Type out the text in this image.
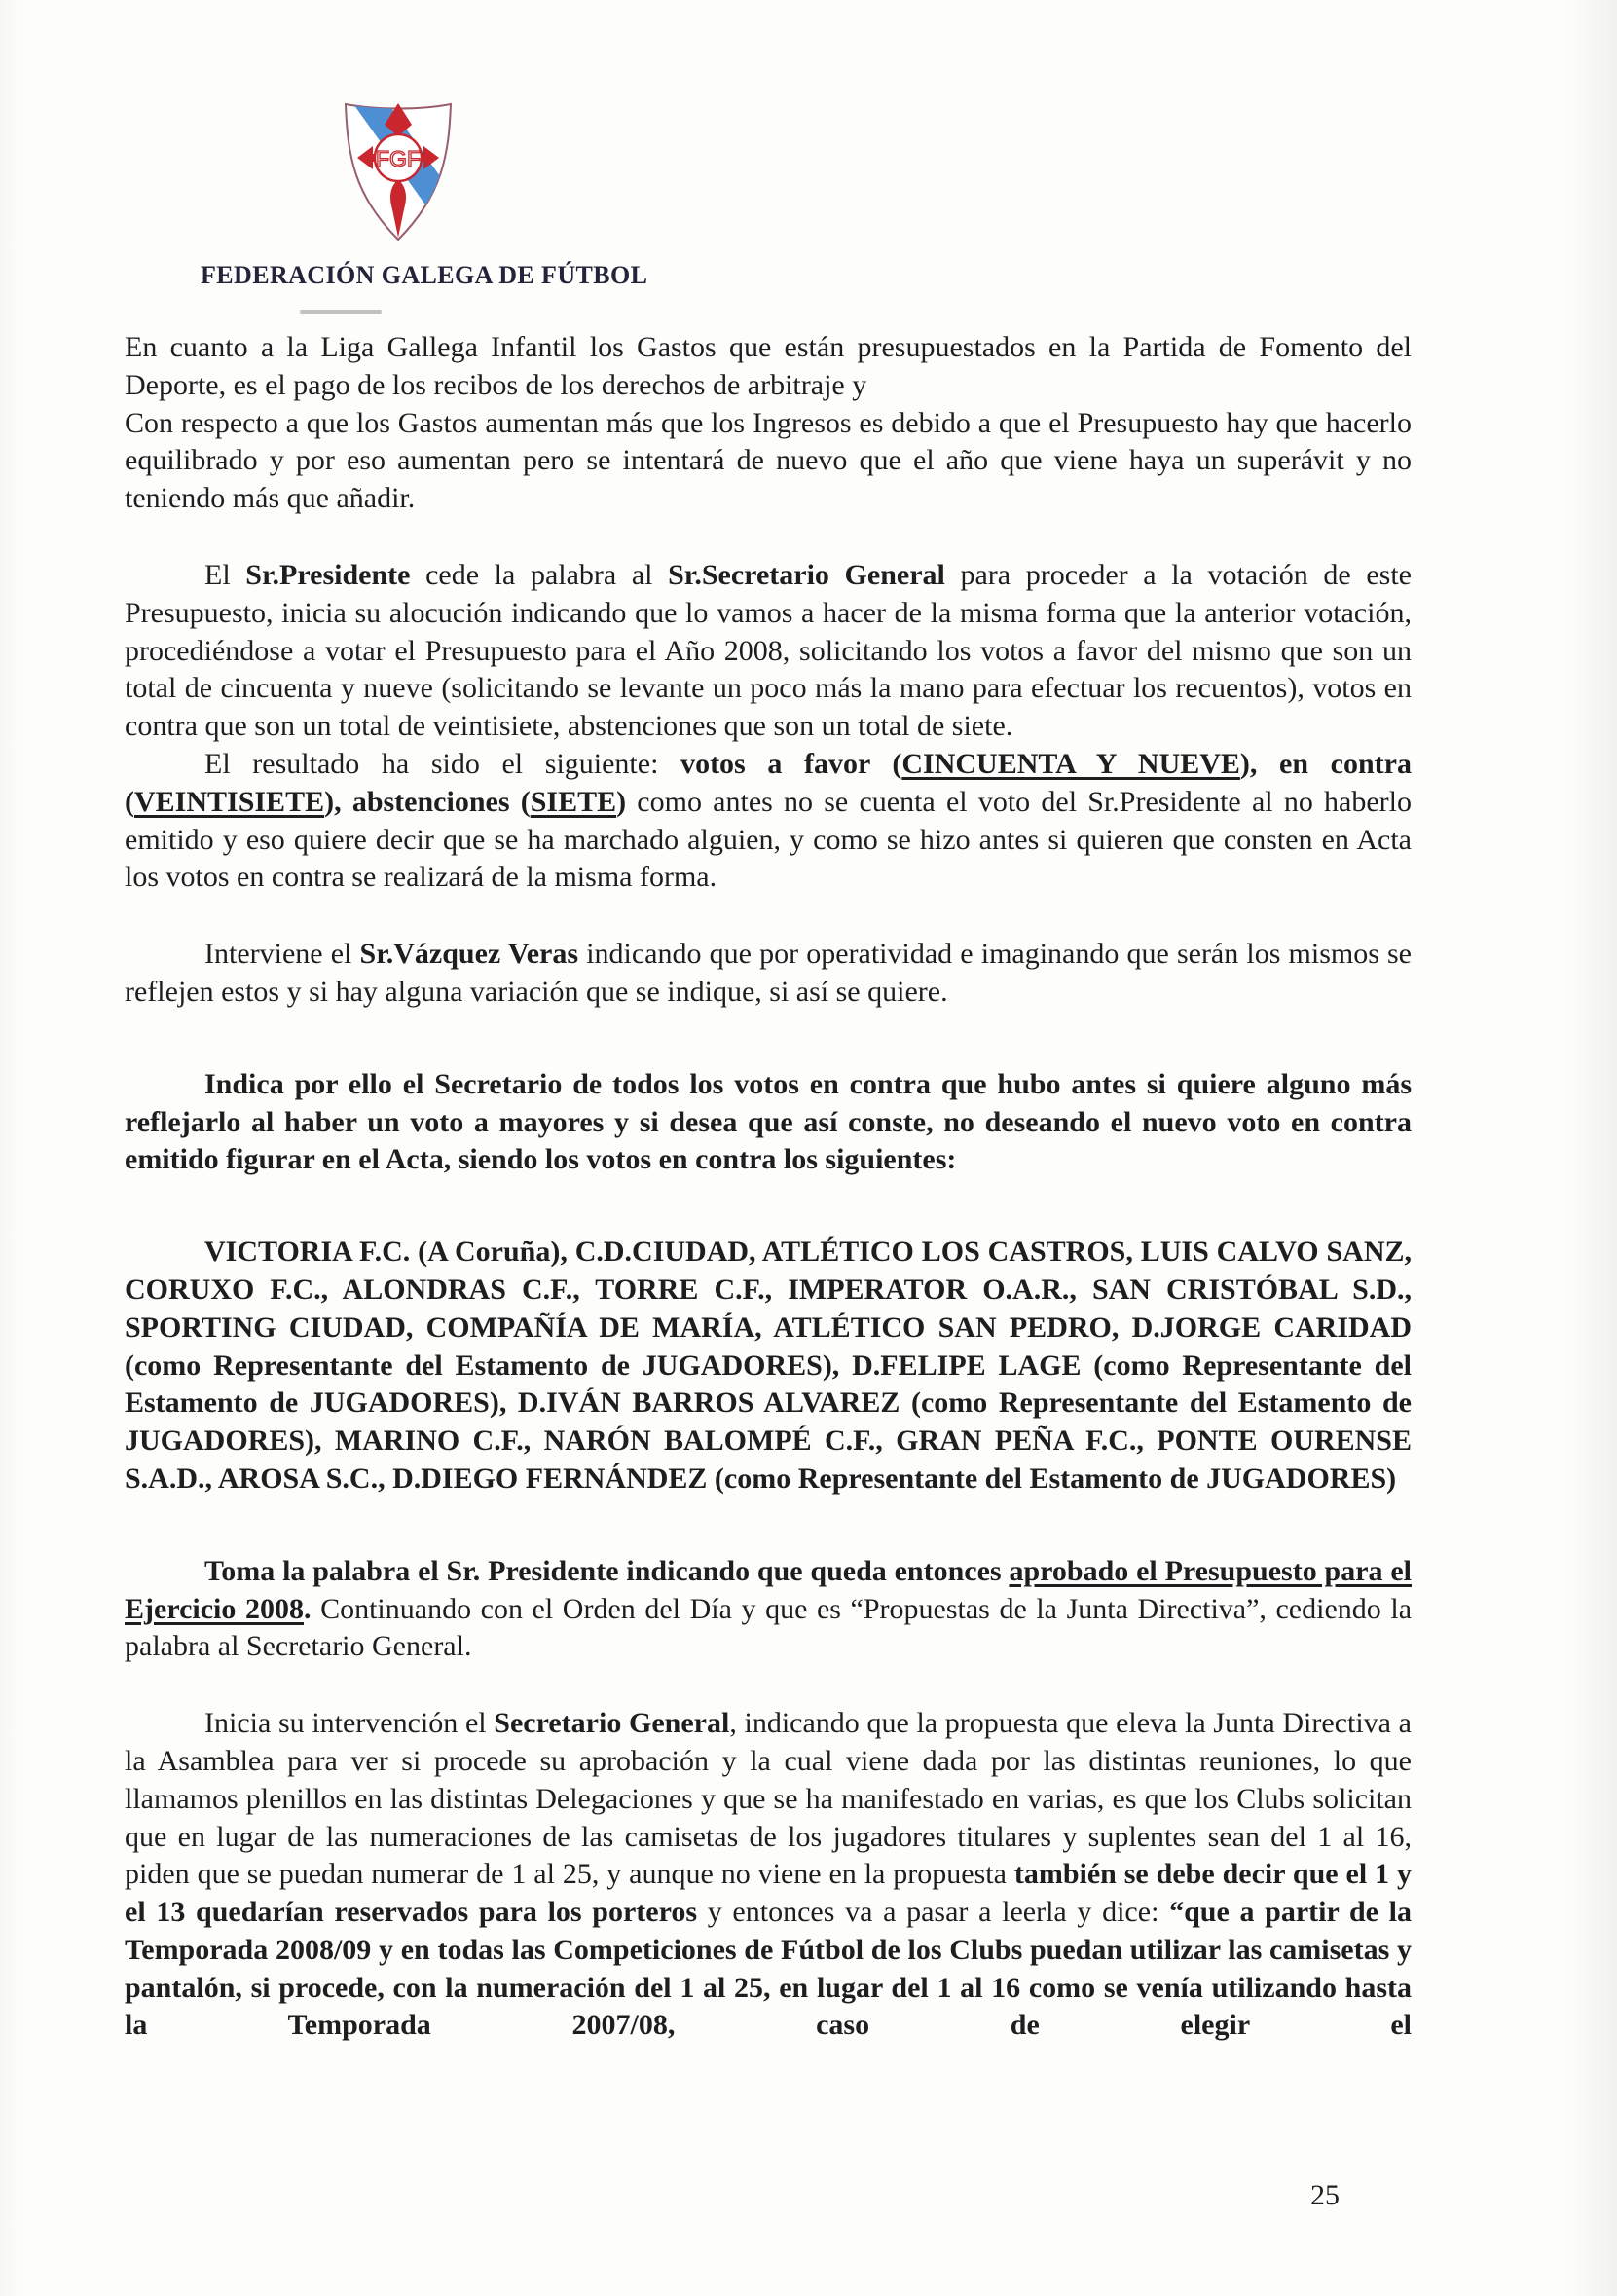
FGF
FEDERACIÓN GALEGA DE FÚTBOL

En cuanto a la Liga Gallega Infantil los Gastos que están presupuestados en la Partida de Fomento del Deporte, es el pago de los recibos de los derechos de arbitraje y

Con respecto a que los Gastos aumentan más que los Ingresos es debido a que el Presupuesto hay que hacerlo equilibrado y por eso aumentan pero se intentará de nuevo que el año que viene haya un superávit y no teniendo más que añadir.

El Sr.Presidente cede la palabra al Sr.Secretario General para proceder a la votación de este Presupuesto, inicia su alocución indicando que lo vamos a hacer de la misma forma que la anterior votación, procediéndose a votar el Presupuesto para el Año 2008, solicitando los votos a favor del mismo que son un total de cincuenta y nueve (solicitando se levante un poco más la mano para efectuar los recuentos), votos en contra que son un total de veintisiete, abstenciones que son un total de siete.

El resultado ha sido el siguiente: votos a favor (CINCUENTA Y NUEVE), en contra (VEINTISIETE), abstenciones (SIETE) como antes no se cuenta el voto del Sr.Presidente al no haberlo emitido y eso quiere decir que se ha marchado alguien, y como se hizo antes si quieren que consten en Acta los votos en contra se realizará de la misma forma.

Interviene el Sr.Vázquez Veras indicando que por operatividad e imaginando que serán los mismos se reflejen estos y si hay alguna variación que se indique, si así se quiere.

Indica por ello el Secretario de todos los votos en contra que hubo antes si quiere alguno más reflejarlo al haber un voto a mayores y si desea que así conste, no deseando el nuevo voto en contra emitido figurar en el Acta, siendo los votos en contra los siguientes:

VICTORIA F.C. (A Coruña), C.D.CIUDAD, ATLÉTICO LOS CASTROS, LUIS CALVO SANZ, CORUXO F.C., ALONDRAS C.F., TORRE C.F., IMPERATOR O.A.R., SAN CRISTÓBAL S.D., SPORTING CIUDAD, COMPAÑÍA DE MARÍA, ATLÉTICO SAN PEDRO, D.JORGE CARIDAD (como Representante del Estamento de JUGADORES), D.FELIPE LAGE (como Representante del Estamento de JUGADORES), D.IVÁN BARROS ALVAREZ (como Representante del Estamento de JUGADORES), MARINO C.F., NARÓN BALOMPÉ C.F., GRAN PEÑA F.C., PONTE OURENSE S.A.D., AROSA S.C., D.DIEGO FERNÁNDEZ (como Representante del Estamento de JUGADORES)

Toma la palabra el Sr. Presidente indicando que queda entonces aprobado el Presupuesto para el Ejercicio 2008. Continuando con el Orden del Día y que es “Propuestas de la Junta Directiva”, cediendo la palabra al Secretario General.

Inicia su intervención el Secretario General, indicando que la propuesta que eleva la Junta Directiva a la Asamblea para ver si procede su aprobación y la cual viene dada por las distintas reuniones, lo que llamamos plenillos en las distintas Delegaciones y que se ha manifestado en varias, es que los Clubs solicitan que en lugar de las numeraciones de las camisetas de los jugadores titulares y suplentes sean del 1 al 16, piden que se puedan numerar de 1 al 25, y aunque no viene en la propuesta también se debe decir que el 1 y el 13 quedarían reservados para los porteros y entonces va a pasar a leerla y dice: “que a partir de la Temporada 2008/09 y en todas las Competiciones de Fútbol de los Clubs puedan utilizar las camisetas y pantalón, si procede, con la numeración del 1 al 25, en lugar del 1 al 16 como se venía utilizando hasta la Temporada 2007/08, caso de elegir el

25
